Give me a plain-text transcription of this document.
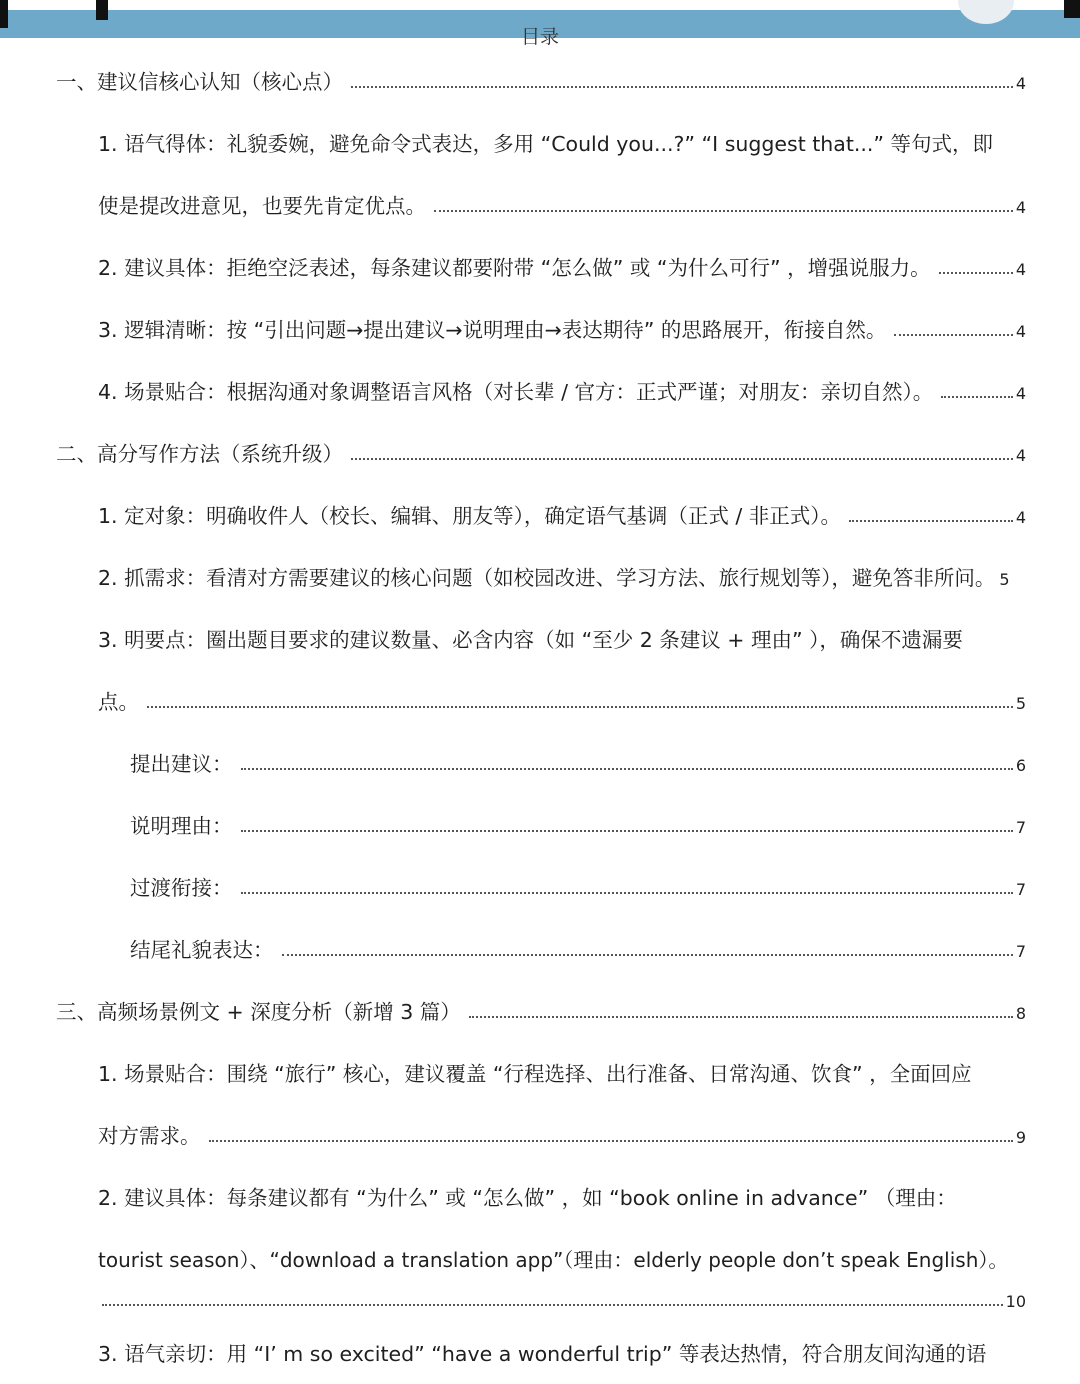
目录
一、建议信核心认知（核心点）	4
1. 语气得体：礼貌委婉，避免命令式表达，多用 “Could you...?” “I suggest that...” 等句式，即
使是提改进意见，也要先肯定优点。	4
2. 建议具体：拒绝空泛表述，每条建议都要附带 “怎么做” 或 “为什么可行” ，增强说服力。	4
3. 逻辑清晰：按 “引出问题→提出建议→说明理由→表达期待” 的思路展开，衔接自然。	4
4. 场景贴合：根据沟通对象调整语言风格（对长辈 / 官方：正式严谨；对朋友：亲切自然）。	4
二、高分写作方法（系统升级）	4
1. 定对象：明确收件人（校长、编辑、朋友等），确定语气基调（正式 / 非正式）。	4
2. 抓需求：看清对方需要建议的核心问题（如校园改进、学习方法、旅行规划等），避免答非所问。 5
3. 明要点：圈出题目要求的建议数量、必含内容（如 “至少 2 条建议 + 理由” ），确保不遗漏要
点。	5
提出建议：	6
说明理由：	7
过渡衔接：	7
结尾礼貌表达：	7
三、高频场景例文 + 深度分析（新增 3 篇）	8
1. 场景贴合：围绕 “旅行” 核心，建议覆盖 “行程选择、出行准备、日常沟通、饮食” ，全面回应
对方需求。	9
2. 建议具体：每条建议都有 “为什么” 或 “怎么做” ，如 “book online in advance” （理由：
tourist season）、“download a translation app”（理由：elderly people don’t speak English）。
10
3. 语气亲切：用 “I’ m so excited” “have a wonderful trip” 等表达热情，符合朋友间沟通的语
